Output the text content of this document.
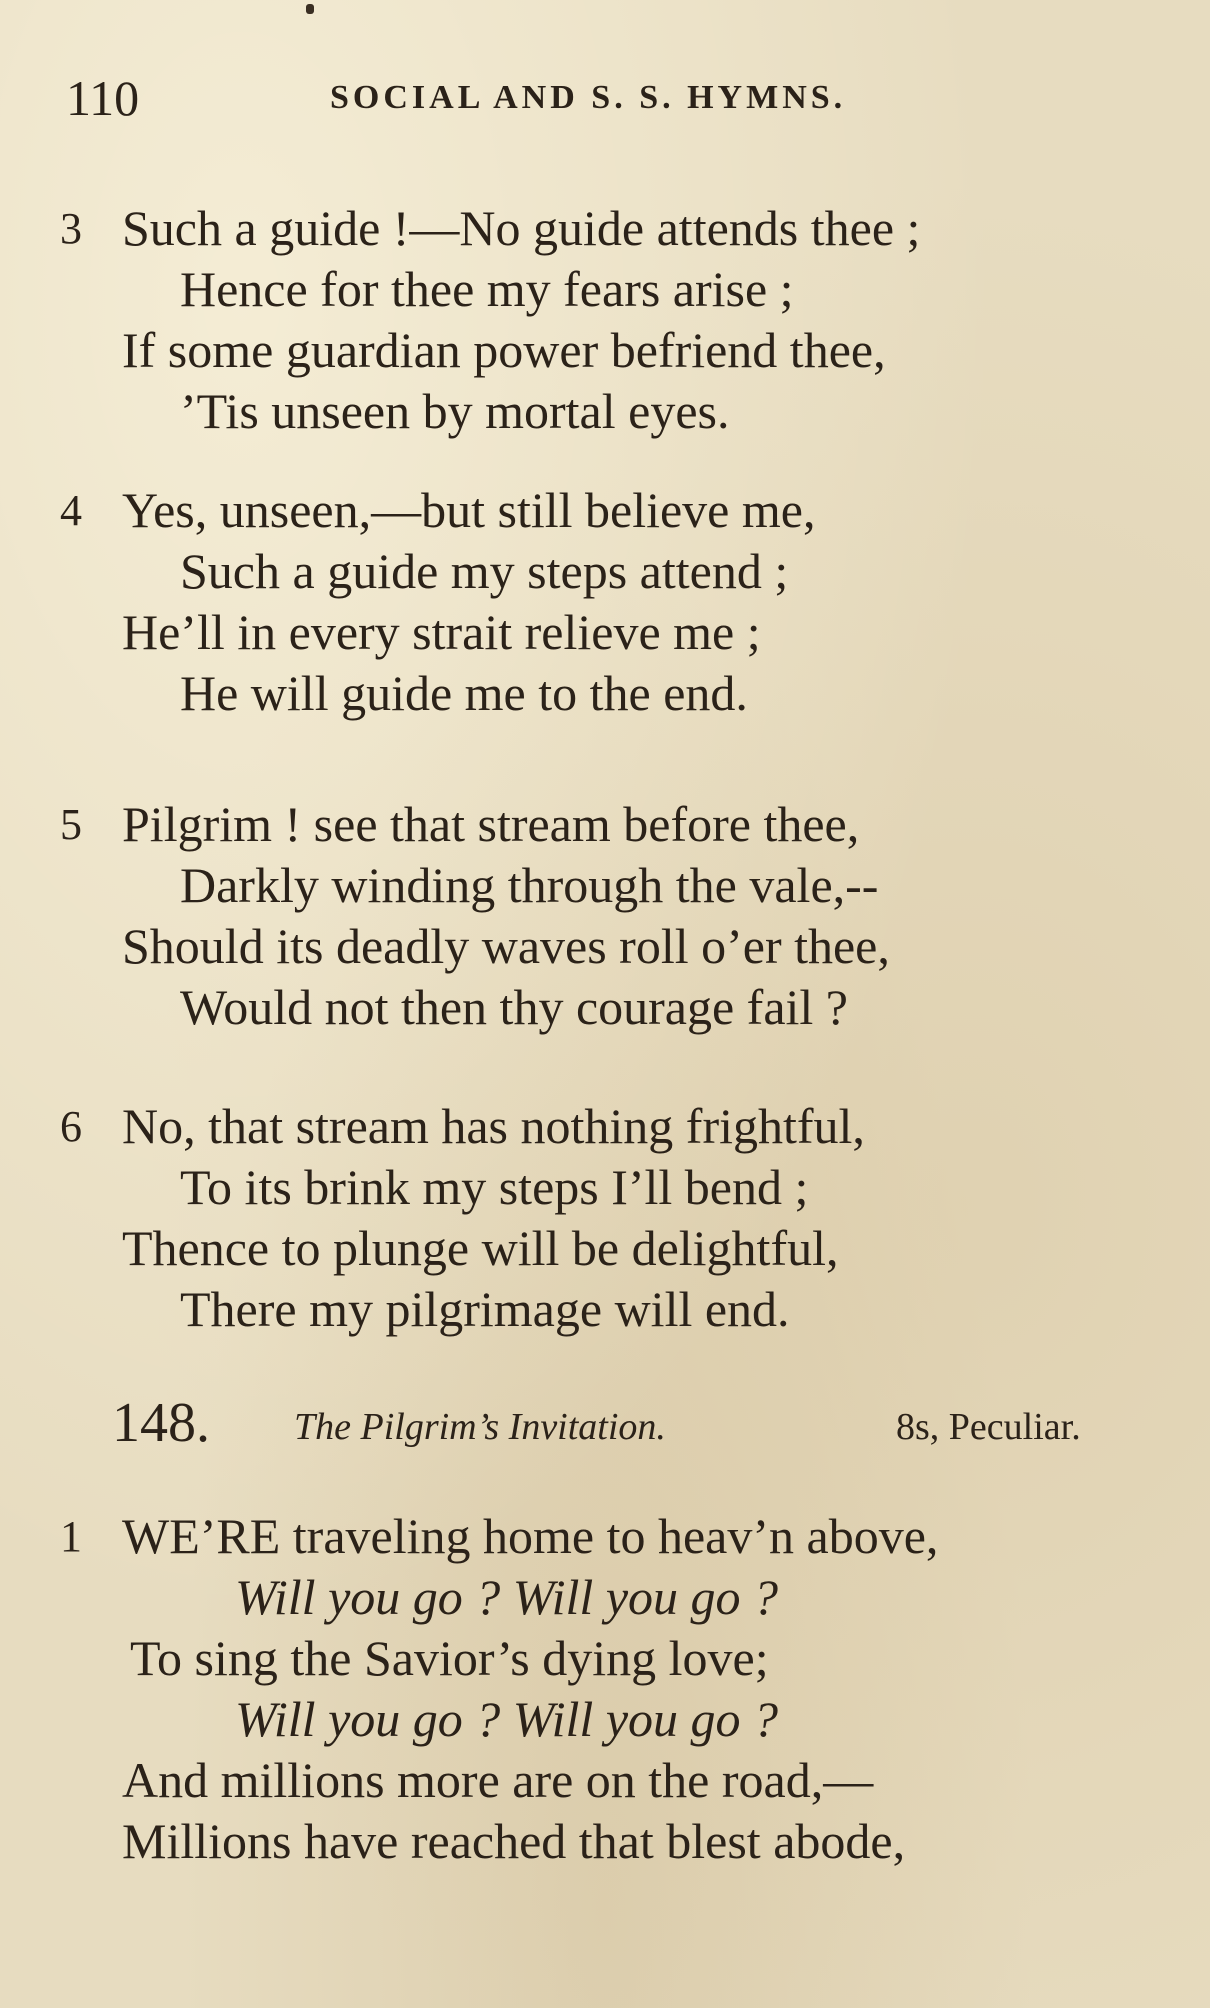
110	SOCIAL AND S. S. HYMNS.
3 Such a guide !—No guide attends thee ;
Hence for thee my fears arise ;
If some guardian power befriend thee,
’Tis unseen by mortal eyes.
4 Yes, unseen,—but still believe me,
Such a guide my steps attend ;
He’ll in every strait relieve me ;
He will guide me to the end.
5 Pilgrim ! see that stream before thee,
Darkly winding through the vale,--
Should its deadly waves roll o’er thee,
Would not then thy courage fail ?
6 No, that stream has nothing frightful,
To its brink my steps I’ll bend ;
Thence to plunge will be delightful,
There my pilgrimage will end.
148. The Pilgrim’s Invitation.	8s, Peculiar.
1 WE’RE traveling home to heav’n above,
Will you go ? Will you go ?
To sing the Savior’s dying love;
Will you go ? Will you go ?
And millions more are on the road,—
Millions have reached that blest abode,
